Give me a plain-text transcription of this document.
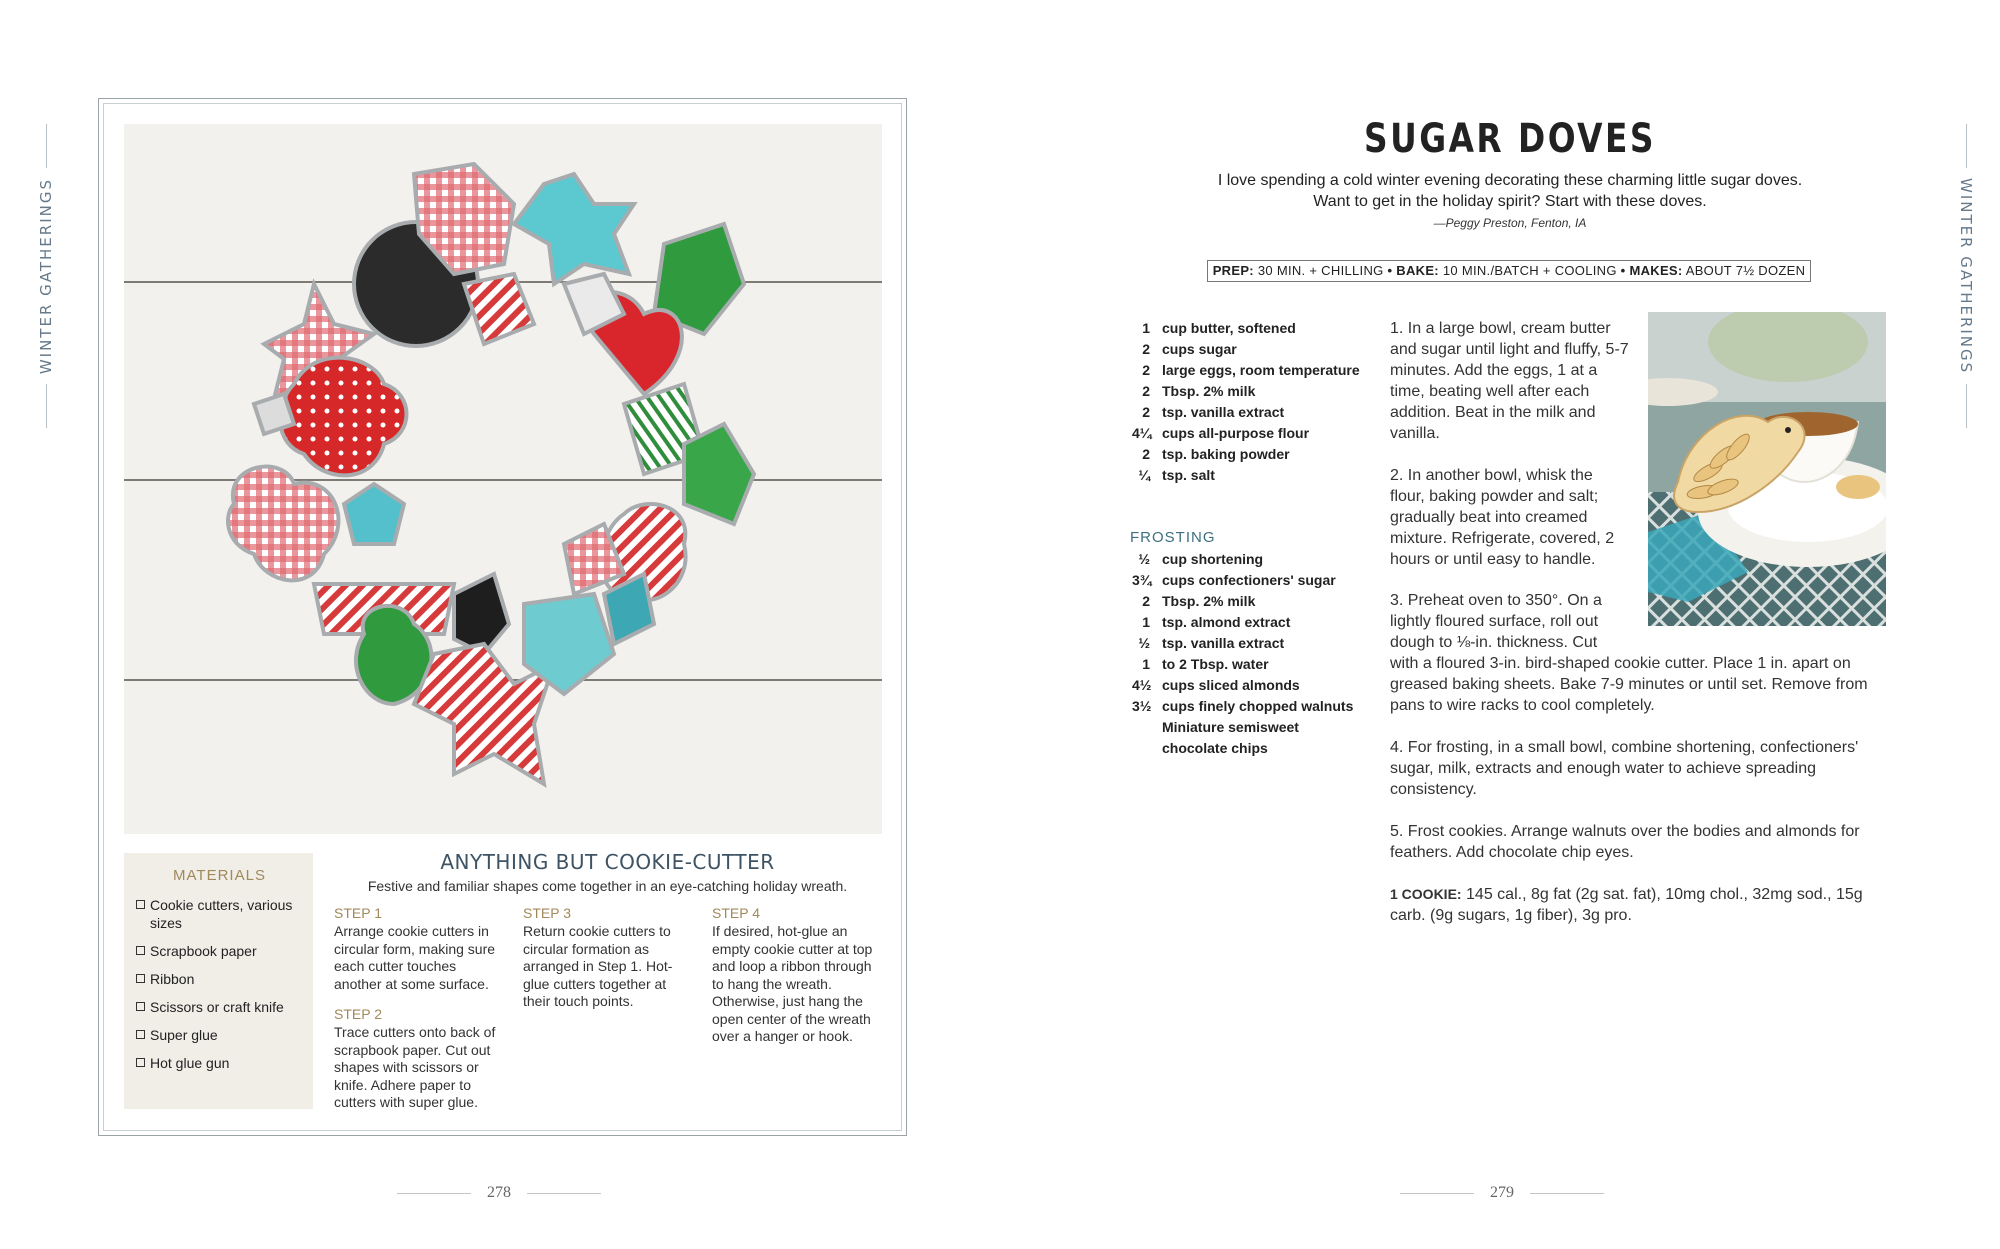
WINTER GATHERINGS	WINTER GATHERINGS
MATERIALS
Cookie cutters, various sizes
Scrapbook paper
Ribbon
Scissors or craft knife
Super glue
Hot glue gun
ANYTHING BUT COOKIE-CUTTER
Festive and familiar shapes come together in an eye-catching holiday wreath.
STEP 1
Arrange cookie cutters in circular form, making sure each cutter touches another at some surface.
STEP 2
Trace cutters onto back of scrapbook paper. Cut out shapes with scissors or knife. Adhere paper to cutters with super glue.
STEP 3
Return cookie cutters to circular formation as arranged in Step 1. Hot-glue cutters together at their touch points.
STEP 4
If desired, hot-glue an empty cookie cutter at top and loop a ribbon through to hang the wreath. Otherwise, just hang the open center of the wreath over a hanger or hook.
278	279
SUGAR DOVES
I love spending a cold winter evening decorating these charming little sugar doves.
Want to get in the holiday spirit? Start with these doves.
—Peggy Preston, Fenton, IA
PREP: 30 MIN. + CHILLING • BAKE: 10 MIN./BATCH + COOLING • MAKES: ABOUT 7½ DOZEN
1 cup butter, softened
2 cups sugar
2 large eggs, room temperature
2 Tbsp. 2% milk
2 tsp. vanilla extract
4¼ cups all-purpose flour
2 tsp. baking powder
¼ tsp. salt
FROSTING
½ cup shortening
3¾ cups confectioners' sugar
2 Tbsp. 2% milk
1 tsp. almond extract
½ tsp. vanilla extract
1 to 2 Tbsp. water
4½ cups sliced almonds
3½ cups finely chopped walnuts
Miniature semisweet chocolate chips
1. In a large bowl, cream butter and sugar until light and fluffy, 5-7 minutes. Add the eggs, 1 at a time, beating well after each addition. Beat in the milk and vanilla.
2. In another bowl, whisk the flour, baking powder and salt; gradually beat into creamed mixture. Refrigerate, covered, 2 hours or until easy to handle.
3. Preheat oven to 350°. On a lightly floured surface, roll out dough to ⅛-in. thickness. Cut
with a floured 3-in. bird-shaped cookie cutter. Place 1 in. apart on greased baking sheets. Bake 7-9 minutes or until set. Remove from pans to wire racks to cool completely.
4. For frosting, in a small bowl, combine shortening, confectioners' sugar, milk, extracts and enough water to achieve spreading consistency.
5. Frost cookies. Arrange walnuts over the bodies and almonds for feathers. Add chocolate chip eyes.
1 COOKIE: 145 cal., 8g fat (2g sat. fat), 10mg chol., 32mg sod., 15g carb. (9g sugars, 1g fiber), 3g pro.
